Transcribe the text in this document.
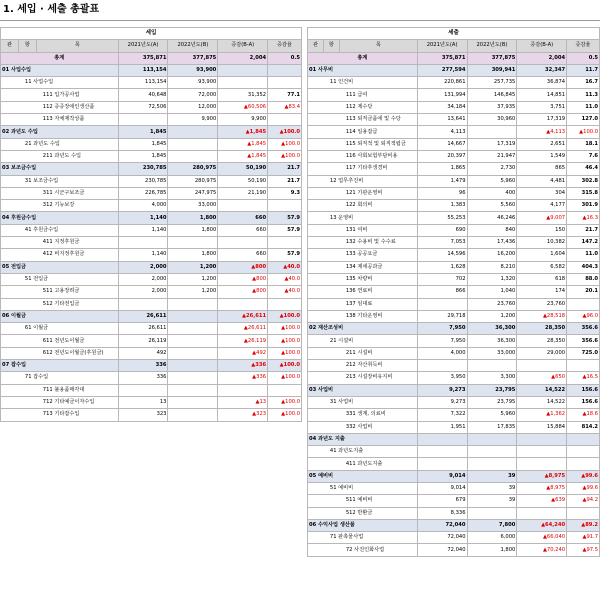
1. 세입 · 세출 총괄표
세입						
관	항	목	2021년도(A)	2022년도(B)	증감(B-A)	증감율
총계			375,871	377,875	2,004	0.5
01 사업수입			113,154	93,900		
	11 사업수입		113,154	93,900		
		111 입가공사업	40,648	72,000	31,352	77.1
		112 증증장애인생산품	72,506	12,000	▲60,506	▲83.4
		113 자체제작상품		9,900	9,900	
02 과년도 수입			1,845		▲1,845	▲100.0
	21 과년도 수입		1,845		▲1,845	▲100.0
		211 과년도 수입	1,845		▲1,845	▲100.0
03 보조금수입			230,785	280,975	50,190	21.7
	31 보조금수입		230,785	280,975	50,190	21.7
		311 시군구보조금	226,785	247,975	21,190	9.3
		312 기능보강	4,000	33,000		
04 후원금수입			1,140	1,800	660	57.9
	41 후원금수입		1,140	1,800	660	57.9
		411 지정후원금				
		412 비지정후원금	1,140	1,800	660	57.9
05 전입금			2,000	1,200	▲800	▲40.0
	51 전입금		2,000	1,200	▲800	▲40.0
		511 고용장려금	2,000	1,200	▲800	▲40.0
		512 기타전입금				
06 이월금			26,611		▲26,611	▲100.0
	61 이월금		26,611		▲26,611	▲100.0
		611 전년도이월금	26,119		▲26,119	▲100.0
		612 전년도이월금(후원금)	492		▲492	▲100.0
07 잡수입			336		▲336	▲100.0
	71 잡수입		336		▲336	▲100.0
		711 불용품매각대				
		712 기타예금이자수입	13		▲13	▲100.0
		713 기타잡수입	323		▲323	▲100.0
세출						
관	항	목	2021년도(A)	2022년도(B)	증감(B-A)	증감율
총계			375,871	377,875	2,004	0.5
01 사무비			277,594	309,941	32,347	11.7
	11 인건비		220,861	257,735	36,874	16.7
		111 급여	131,994	146,845	14,851	11.3
		112 제수당	34,184	37,935	3,751	11.0
		113 퇴직금품에 및 수당	13,641	30,960	17,319	127.0
		114 일용잡급	4,113		▲4,113	▲100.0
		115 퇴직적 및 퇴직적립금	14,667	17,319	2,651	18.1
		116 사회보험부담비용	20,397	21,947	1,549	7.6
		117 기타후생경비	1,865	2,730	865	46.4
	12 업무추진비		1,479	5,960	4,481	302.8
		121 기관운영비	96	400	304	315.8
		122 회의비	1,383	5,560	4,177	301.9
	13 운영비		55,253	46,246	▲9,007	▲16.3
		131 여비	690	840	150	21.7
		132 수용비 및 수수료	7,053	17,436	10,382	147.2
		133 공공요금	14,596	16,200	1,604	11.0
		134 제세공과금	1,628	8,210	6,582	404.3
		135 차량비	702	1,320	618	88.0
		136 연료비	866	1,040	174	20.1
		137 임대료		23,760	23,760	
		138 기타운영비	29,718	1,200	▲28,518	▲96.0
02 재산조성비			7,950	36,300	28,350	356.6
	21 시설비		7,950	36,300	28,350	356.6
		211 시설비	4,000	33,000	29,000	725.0
		212 자산취득비				
		213 시설장비유지비	3,950	3,300	▲650	▲16.5
03 사업비			9,273	23,795	14,522	156.6
	31 사업비		9,273	23,795	14,522	156.6
		331 생계, 의료비	7,322	5,960	▲1,362	▲18.6
		332 사업비	1,951	17,835	15,884	814.2
04 과년도 지출						
	41 과년도지출					
		411 과년도지출				
05 예비비			9,014	39	▲8,975	▲99.6
	51 예비비		9,014	39	▲8,975	▲99.6
		511 예비비	679	39	▲639	▲94.2
		512 반환금	8,336			
06 수익사업 생산품			72,040	7,800	▲64,240	▲89.2
	71 판촉물사업		72,040	6,000	▲66,040	▲91.7
		72 사진인화사업	72,040	1,800	▲70,240	▲97.5
